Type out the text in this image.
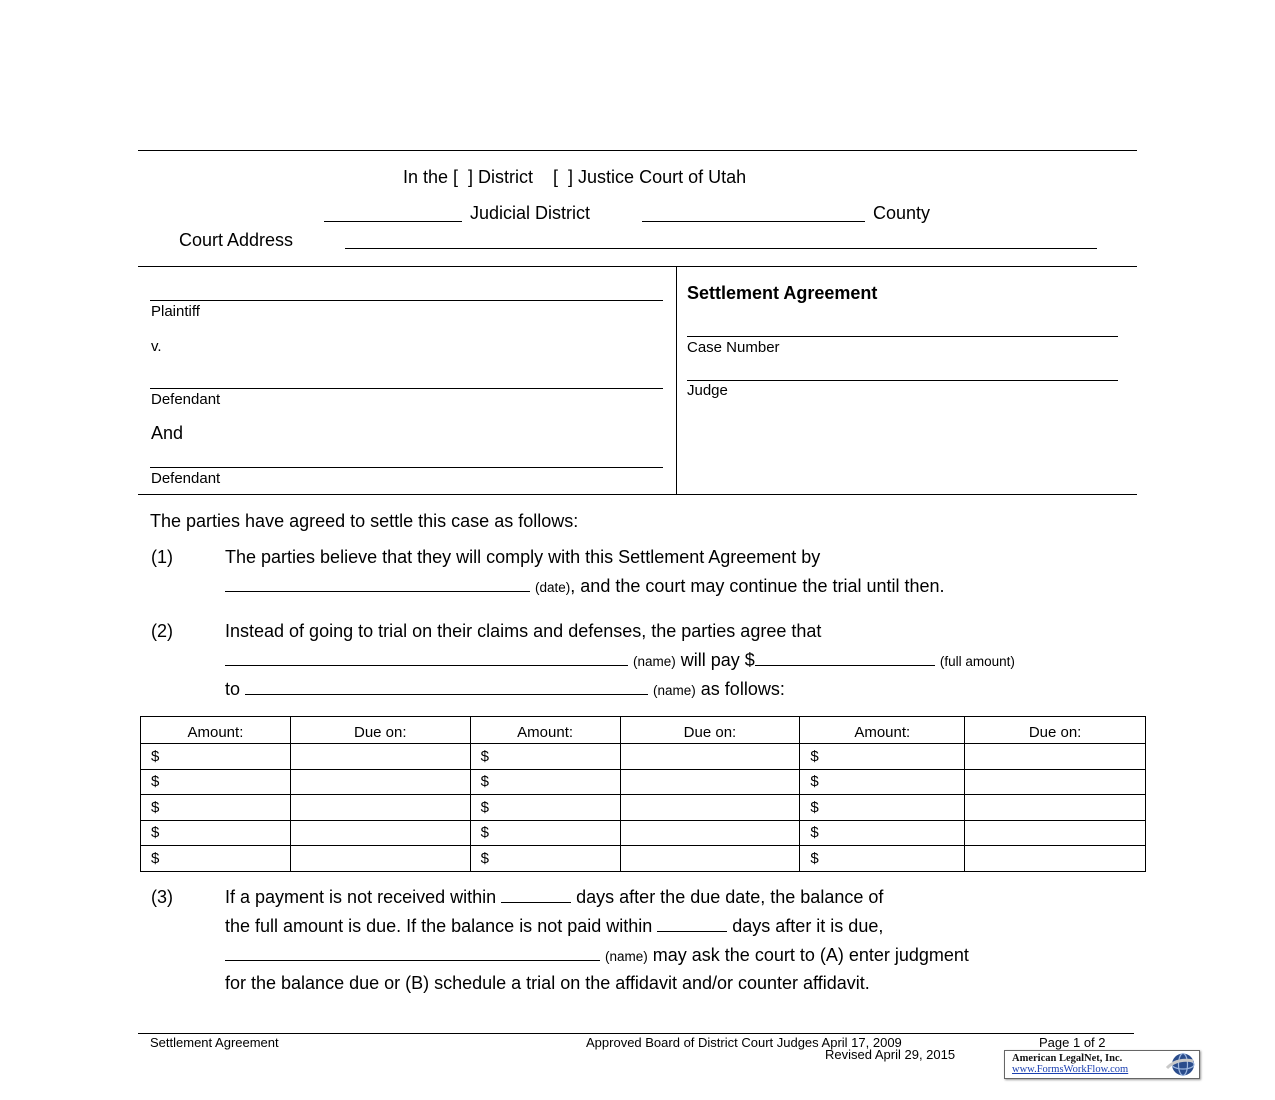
In the [  ] District    [  ] Justice Court of Utah
Judicial District	County
Court Address
Plaintiff
v.
Defendant
And
Defendant
Settlement Agreement
Case Number
Judge
The parties have agreed to settle this case as follows:
(1)	The parties believe that they will comply with this Settlement Agreement by
(date), and the court may continue the trial until then.
(2)	Instead of going to trial on their claims and defenses, the parties agree that
(name) will pay $	(full amount)
to	(name) as follows:
Amount:	Due on:	Amount:	Due on:	Amount:	Due on:
$		$		$	
$		$		$	
$		$		$	
$		$		$	
$		$		$	
(3)	If a payment is not received within	days after the due date, the balance of
the full amount is due. If the balance is not paid within	days after it is due,
(name) may ask the court to (A) enter judgment
for the balance due or (B) schedule a trial on the affidavit and/or counter affidavit.
Settlement Agreement	Approved Board of District Court Judges April 17, 2009
Revised April 29, 2015
Page 1 of 2
American LegalNet, Inc.
www.FormsWorkFlow.com
